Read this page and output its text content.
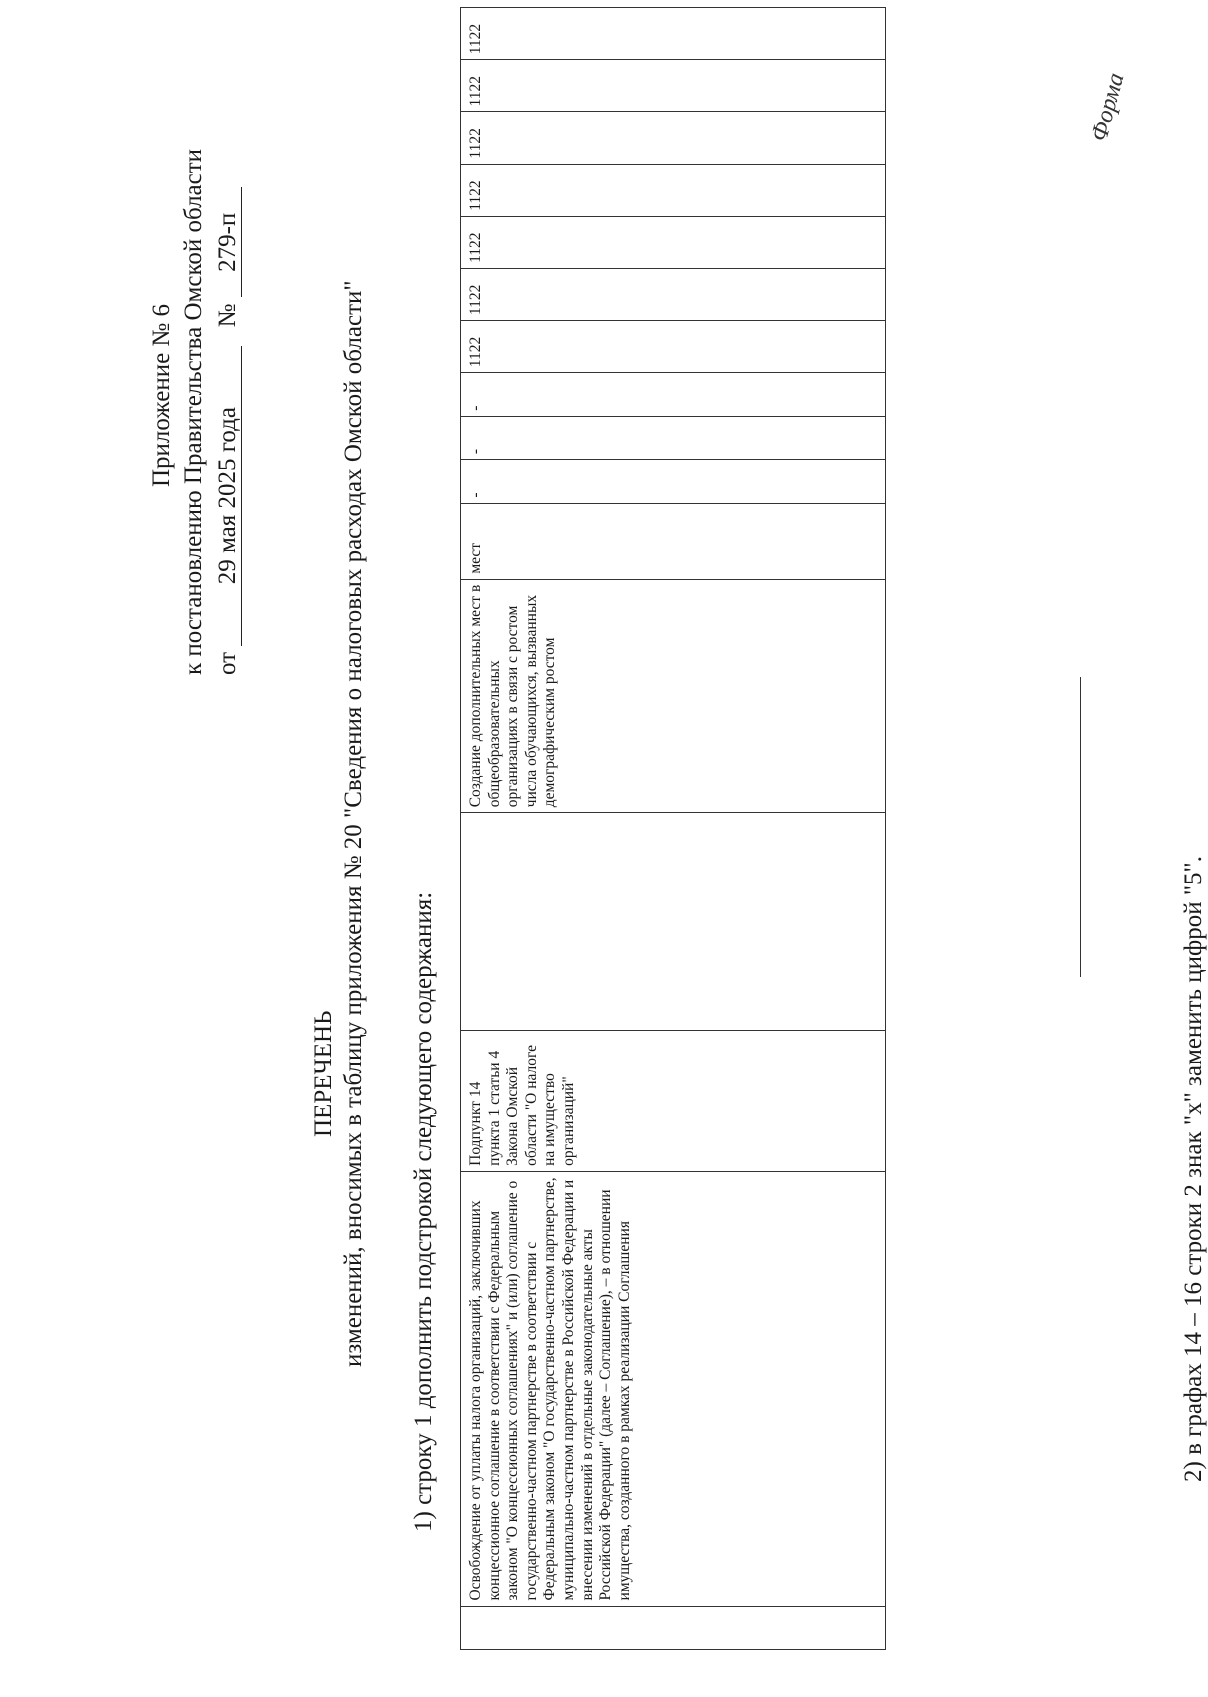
Приложение № 6 к постановлению Правительства Омской области от 29 мая 2025 года № 279-п
ПЕРЕЧЕНЬ изменений, вносимых в таблицу приложения № 20 "Сведения о налоговых расходах Омской области" 1) строку 1 дополнить подстрокой следующего содержания:
	Освобождение от уплаты налога организаций, заключивших концессионное соглашение в соответствии с Федеральным законом "О концессионных соглашениях" и (или) соглашение о государственно-частном партнерстве в соответствии с Федеральным законом "О государственно-частном партнерстве, муниципально-частном партнерстве в Российской Федерации и внесении изменений в отдельные законодательные акты Российской Федерации" (далее – Соглашение), – в отношении имущества, созданного в рамках реализации Соглашения	Подпункт 14 пункта 1 статьи 4 Закона Омской области "О налоге на имущество организаций"		Создание дополнительных мест в общеобразовательных организациях в связи с ростом числа обучающихся, вызванных демографическим ростом	мест	-	-	-	1122	1122	1122	1122	1122	1122	1122
2) в графах 14 – 16 строки 2 знак "х" заменить цифрой "5".
Форма
